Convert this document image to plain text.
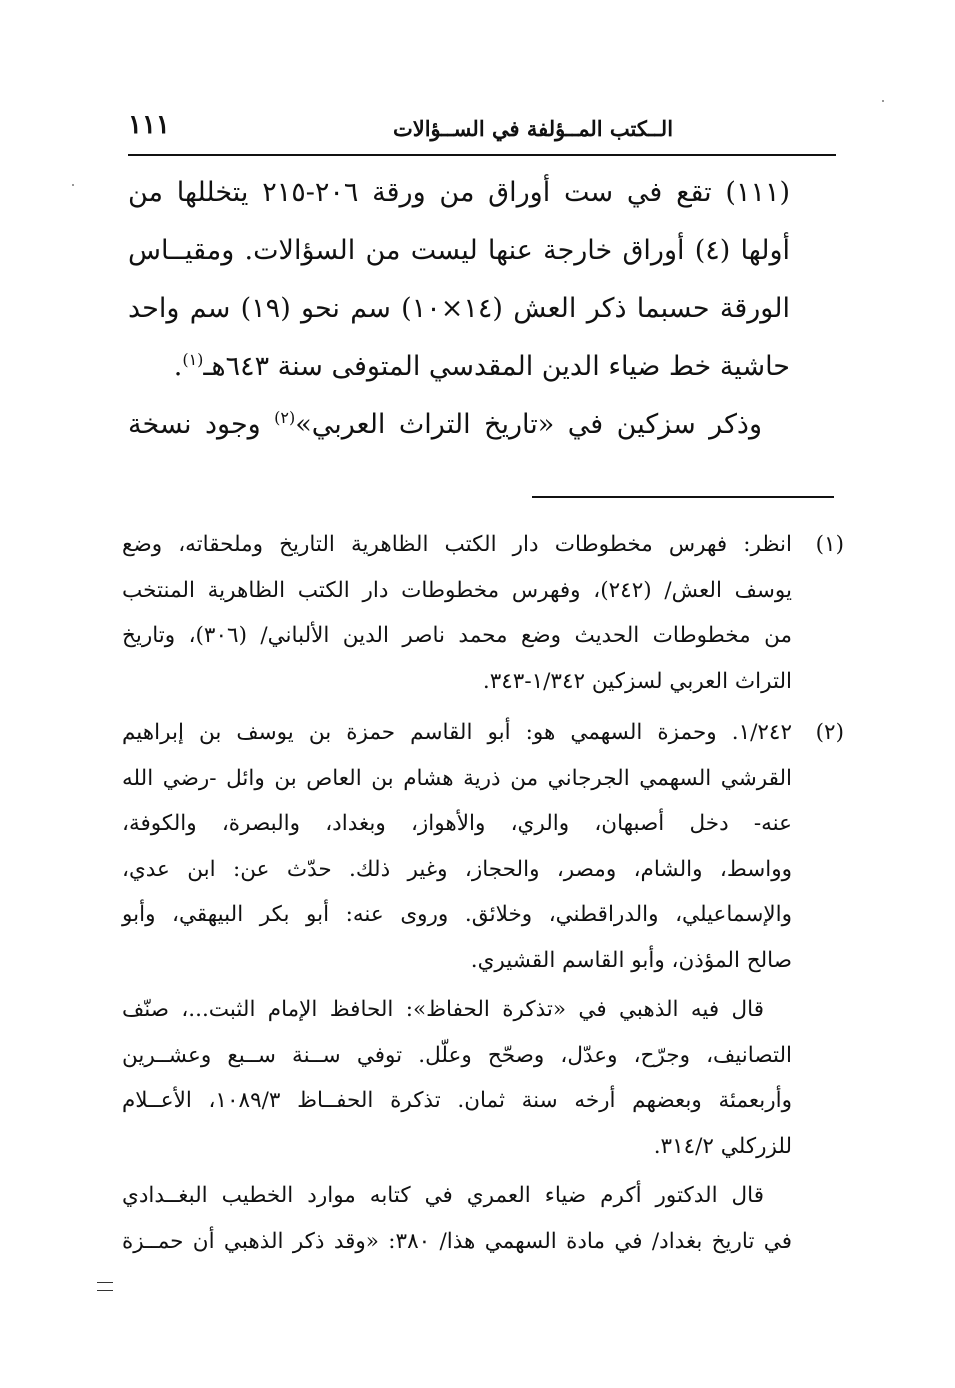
١١١	الــكتب المــؤلفة في الســؤالات
(١١١) تقع في ست أوراق من ورقة ٢٠٦-٢١٥ يتخللها من
أولها (٤) أوراق خارجة عنها ليست من السؤالات. ومقيــاس
الورقة حسبما ذكر العش (١٤×١٠) سم نحو (١٩) سم واحد
حاشية خط ضياء الدين المقدسي المتوفى سنة ٦٤٣هـ$^{(١)}$.
وذكر سزكين في «تاريخ التراث العربي»$^{(٢)}$ وجود نسخة
(١)
انظر: فهرس مخطوطات دار الكتب الظاهرية التاريخ وملحقاته، وضع
يوسف العش/ (٢٤٢)، وفهرس مخطوطات دار الكتب الظاهرية المنتخب
من مخطوطات الحديث وضع محمد ناصر الدين الألباني/ (٣٠٦)، وتاريخ
التراث العربي لسزكين ١/٣٤٢-٣٤٣.
(٢)
١/٢٤٢. وحمزة السهمي هو: أبو القاسم حمزة بن يوسف بن إبراهيم
القرشي السهمي الجرجاني من ذرية هشام بن العاص بن وائل -رضي الله
عنه- دخل أصبهان، والري، والأهواز، وبغداد، والبصرة، والكوفة،
وواسط، والشام، ومصر، والحجاز، وغير ذلك. حدّث عن: ابن عدي،
والإسماعيلي، والدراقطني، وخلائق. وروى عنه: أبو بكر البيهقي، وأبو
صالح المؤذن، وأبو القاسم القشيري.
قال فيه الذهبي في «تذكرة الحفاظ»: الحافظ الإمام الثبت...، صنّف
التصانيف، وجرّح، وعدّل، وصحّح وعلّل. توفي ســنة ســبع وعشــرين
وأربعمئة وبعضهم أرخه سنة ثمان. تذكرة الحفــاظ ١٠٨٩/٣، الأعــلام
للزركلي ٣١٤/٢.
قال الدكتور أكرم ضياء العمري في كتابه موارد الخطيب البغــدادي
في تاريخ بغداد/ في مادة السهمي هذا/ ٣٨٠: «وقد ذكر الذهبي أن حمــزة
